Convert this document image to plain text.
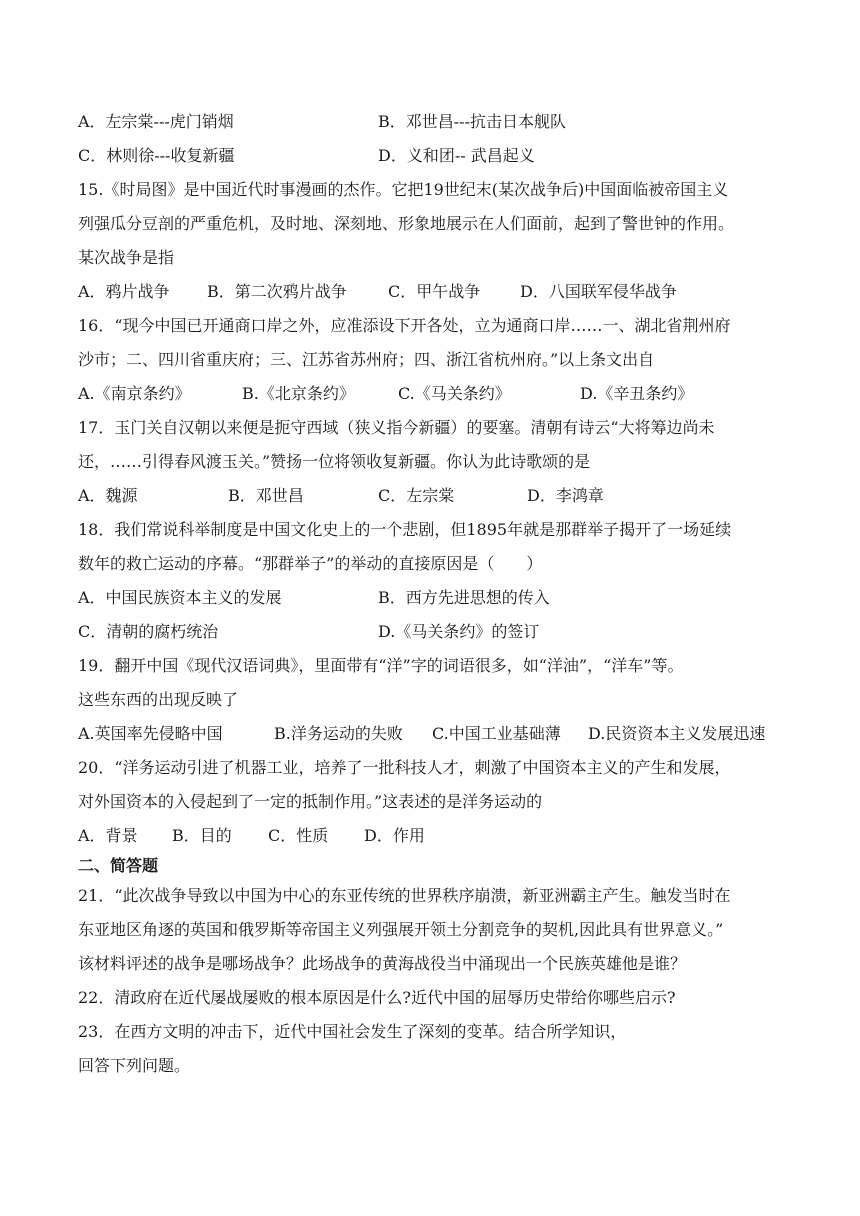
A．左宗棠---虎门销烟	B．邓世昌---抗击日本舰队
C．林则徐---收复新疆	D．义和团-- 武昌起义
15.《时局图》是中国近代时事漫画的杰作。它把19世纪末(某次战争后)中国面临被帝国主义
列强瓜分豆剖的严重危机，及时地、深刻地、形象地展示在人们面前，起到了警世钟的作用。
某次战争是指
A．鸦片战争 B．第二次鸦片战争	C．甲午战争 D．八国联军侵华战争
16．“现今中国已开通商口岸之外，应准添设下开各处，立为通商口岸……一、湖北省荆州府
沙市；二、四川省重庆府；三、江苏省苏州府；四、浙江省杭州府。”以上条文出自
A.《南京条约》	B.《北京条约》	C.《马关条约》	D.《辛丑条约》
17．玉门关自汉朝以来便是扼守西域（狭义指今新疆）的要塞。清朝有诗云“大将筹边尚未
还，……引得春风渡玉关。”赞扬一位将领收复新疆。你认为此诗歌颂的是
A．魏源	B．邓世昌	C．左宗棠	D．李鸿章
18．我们常说科举制度是中国文化史上的一个悲剧，但1895年就是那群举子揭开了一场延续
数年的救亡运动的序幕。“那群举子”的举动的直接原因是（　　）
A．中国民族资本主义的发展	B．西方先进思想的传入
C．清朝的腐朽统治	D.《马关条约》的签订
19．翻开中国《现代汉语词典》，里面带有“洋”字的词语很多，如“洋油”，“洋车”等。
这些东西的出现反映了
A.英国率先侵略中国	B.洋务运动的失败 C.中国工业基础薄 D.民资资本主义发展迅速
20．“洋务运动引进了机器工业，培养了一批科技人才，刺激了中国资本主义的产生和发展，
对外国资本的入侵起到了一定的抵制作用。”这表述的是洋务运动的
A．背景 B．目的 C．性质 D．作用
二、简答题
21．“此次战争导致以中国为中心的东亚传统的世界秩序崩溃，新亚洲霸主产生。触发当时在
东亚地区角逐的英国和俄罗斯等帝国主义列强展开领土分割竞争的契机,因此具有世界意义。”
该材料评述的战争是哪场战争？此场战争的黄海战役当中涌现出一个民族英雄他是谁？
22．清政府在近代屡战屡败的根本原因是什么?近代中国的屈辱历史带给你哪些启示?
23．在西方文明的冲击下，近代中国社会发生了深刻的变革。结合所学知识，
回答下列问题。
